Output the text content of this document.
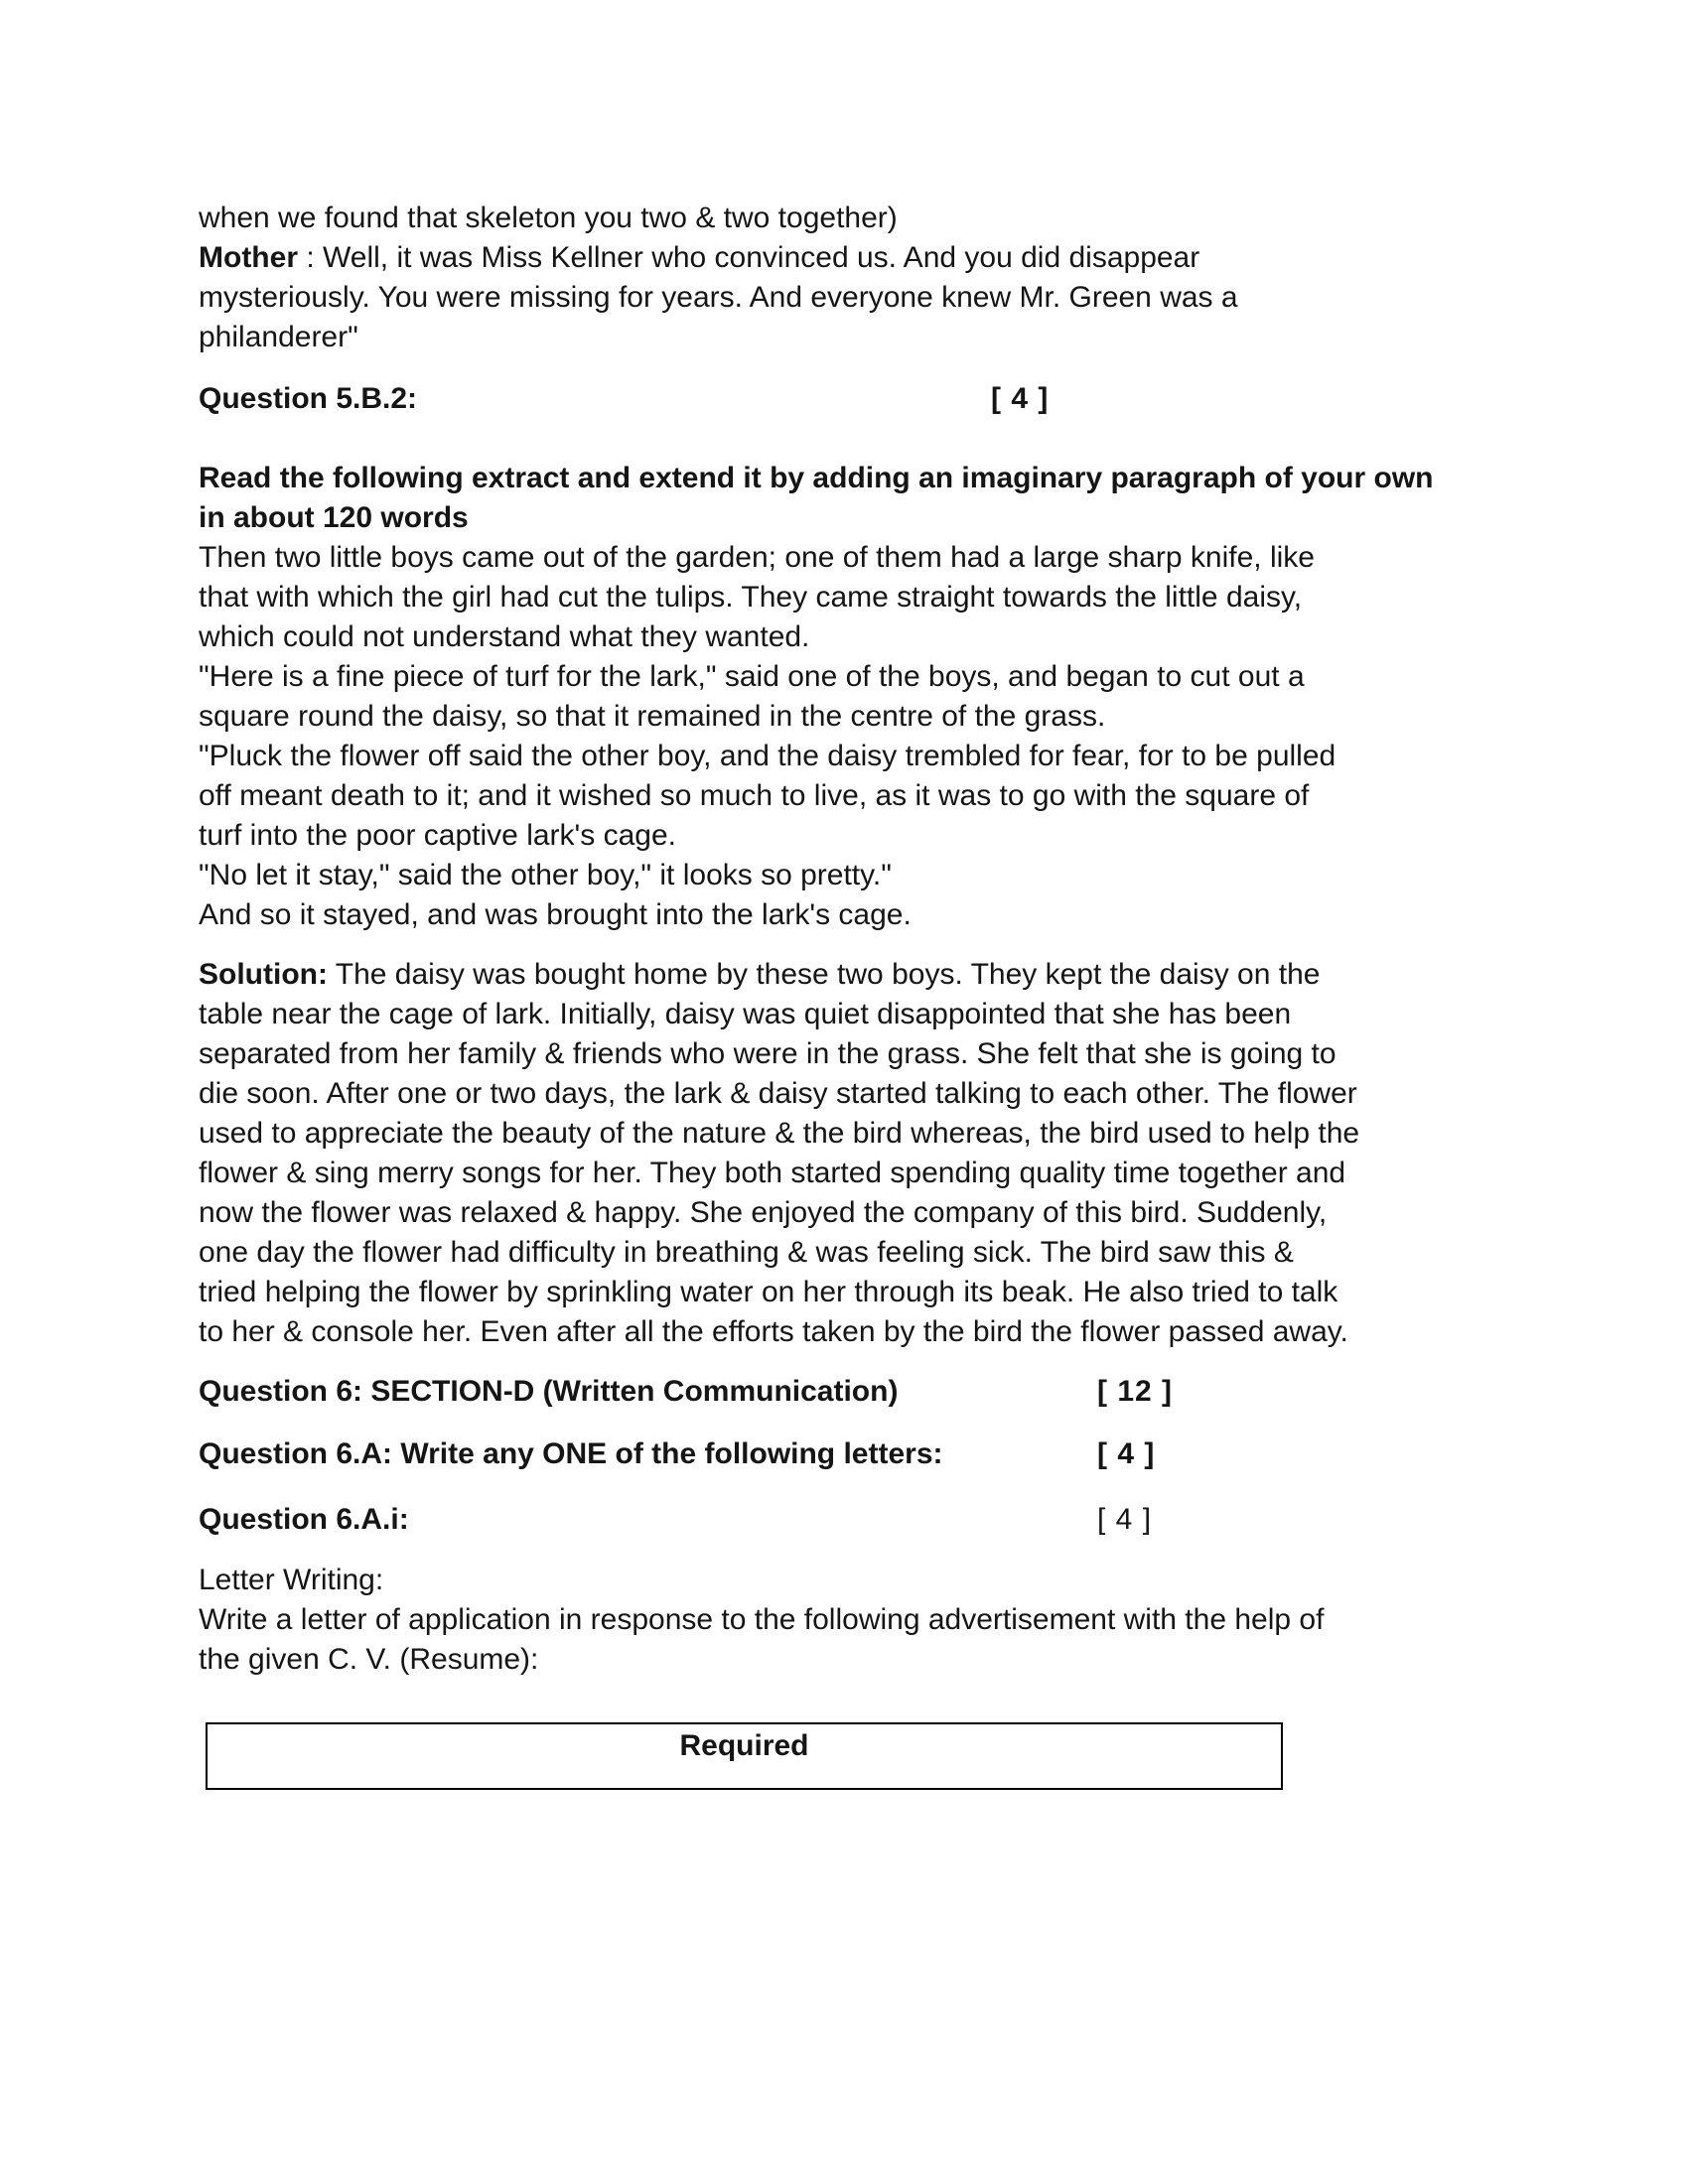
when we found that skeleton you two & two together)
Mother : Well, it was Miss Kellner who convinced us. And you did disappear
mysteriously. You were missing for years. And everyone knew Mr. Green was a
philanderer"
Question 5.B.2:	[ 4 ]
Read the following extract and extend it by adding an imaginary paragraph of your own
in about 120 words
Then two little boys came out of the garden; one of them had a large sharp knife, like
that with which the girl had cut the tulips. They came straight towards the little daisy,
which could not understand what they wanted.
"Here is a fine piece of turf for the lark," said one of the boys, and began to cut out a
square round the daisy, so that it remained in the centre of the grass.
"Pluck the flower off said the other boy, and the daisy trembled for fear, for to be pulled
off meant death to it; and it wished so much to live, as it was to go with the square of
turf into the poor captive lark's cage.
"No let it stay," said the other boy," it looks so pretty."
And so it stayed, and was brought into the lark's cage.
Solution: The daisy was bought home by these two boys. They kept the daisy on the
table near the cage of lark. Initially, daisy was quiet disappointed that she has been
separated from her family & friends who were in the grass. She felt that she is going to
die soon. After one or two days, the lark & daisy started talking to each other. The flower
used to appreciate the beauty of the nature & the bird whereas, the bird used to help the
flower & sing merry songs for her. They both started spending quality time together and
now the flower was relaxed & happy. She enjoyed the company of this bird. Suddenly,
one day the flower had difficulty in breathing & was feeling sick. The bird saw this &
tried helping the flower by sprinkling water on her through its beak. He also tried to talk
to her & console her. Even after all the efforts taken by the bird the flower passed away.
Question 6: SECTION-D (Written Communication)	[ 12 ]
Question 6.A: Write any ONE of the following letters:	[ 4 ]
Question 6.A.i:	[ 4 ]
Letter Writing:
Write a letter of application in response to the following advertisement with the help of
the given C. V. (Resume):
Required
